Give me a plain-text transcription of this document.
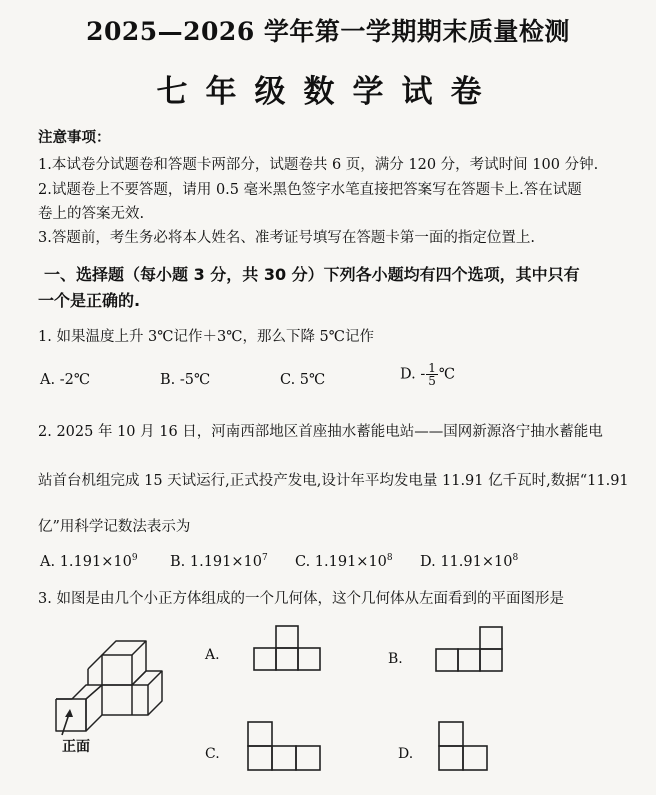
2025—2026 学年第一学期期末质量检测
七年级数学试卷
注意事项：
1.本试卷分试题卷和答题卡两部分，试题卷共 6 页，满分 120 分，考试时间 100 分钟.
2.试题卷上不要答题，请用 0.5 毫米黑色签字水笔直接把答案写在答题卡上.答在试题
卷上的答案无效.
3.答题前，考生务必将本人姓名、准考证号填写在答题卡第一面的指定位置上.
一、选择题（每小题 3 分，共 30 分）下列各小题均有四个选项，其中只有
一个是正确的.
1. 如果温度上升 3℃记作＋3℃，那么下降 5℃记作
A. -2℃	B. -5℃	C. 5℃	D. - $\frac{1}{5}$ ℃
2. 2025 年 10 月 16 日，河南西部地区首座抽水蓄能电站——国网新源洛宁抽水蓄能电
站首台机组完成 15 天试运行,正式投产发电,设计年平均发电量 11.91 亿千瓦时,数据“11.91
亿”用科学记数法表示为
A. $1.191\times 10^9$ B. $1.191\times 10^7$ C. $1.191\times 10^8$ D. $11.91\times 10^8$
3. 如图是由几个小正方体组成的一个几何体，这个几何体从左面看到的平面图形是
正面
A.	B.
C.	D.
